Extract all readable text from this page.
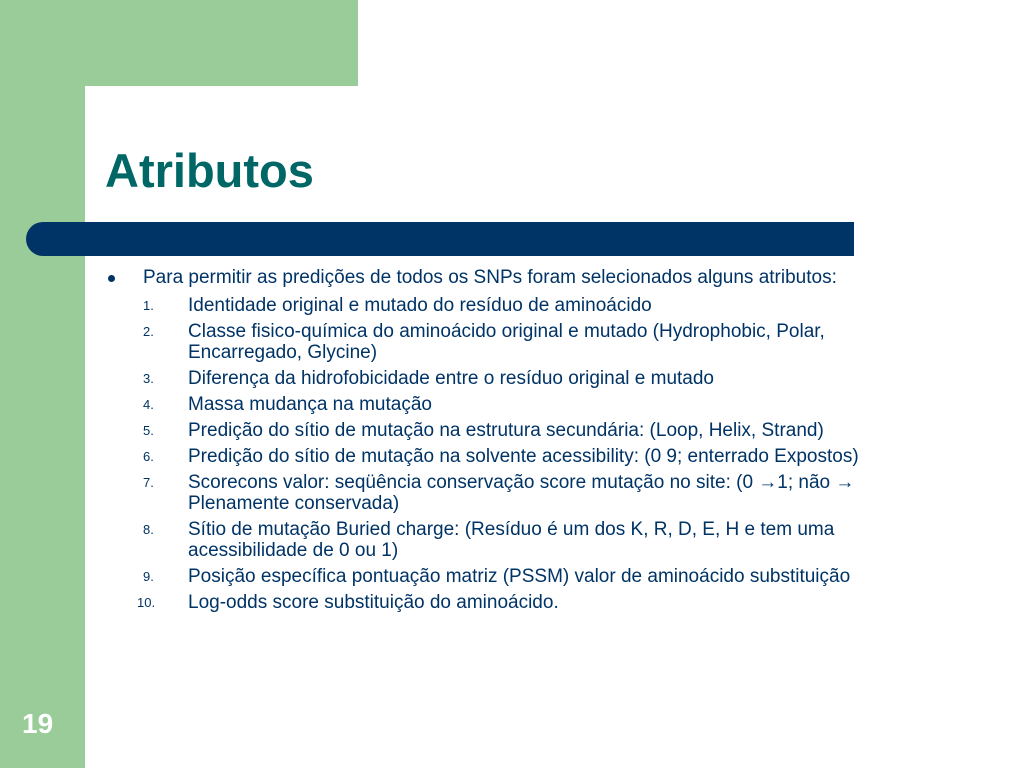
Atributos
Para permitir as predições de todos os SNPs foram selecionados alguns atributos:
1.	Identidade original e mutado do resíduo de aminoácido
2.	Classe fisico-química do aminoácido original e mutado (Hydrophobic, Polar, Encarregado, Glycine)
3.	Diferença da hidrofobicidade entre o resíduo original e mutado
4.	Massa mudança na mutação
5.	Predição do sítio de mutação na estrutura secundária: (Loop, Helix, Strand)
6.	Predição do sítio de mutação na solvente acessibility: (0 9; enterrado Expostos)
7.	Scorecons valor: seqüência conservação score mutação no site: (0 →1; não → Plenamente conservada)
8.	Sítio de mutação Buried charge: (Resíduo é um dos K, R, D, E, H e tem uma acessibilidade de 0 ou 1)
9.	Posição específica pontuação matriz (PSSM) valor de aminoácido substituição
10.	Log-odds score substituição do aminoácido.
19
